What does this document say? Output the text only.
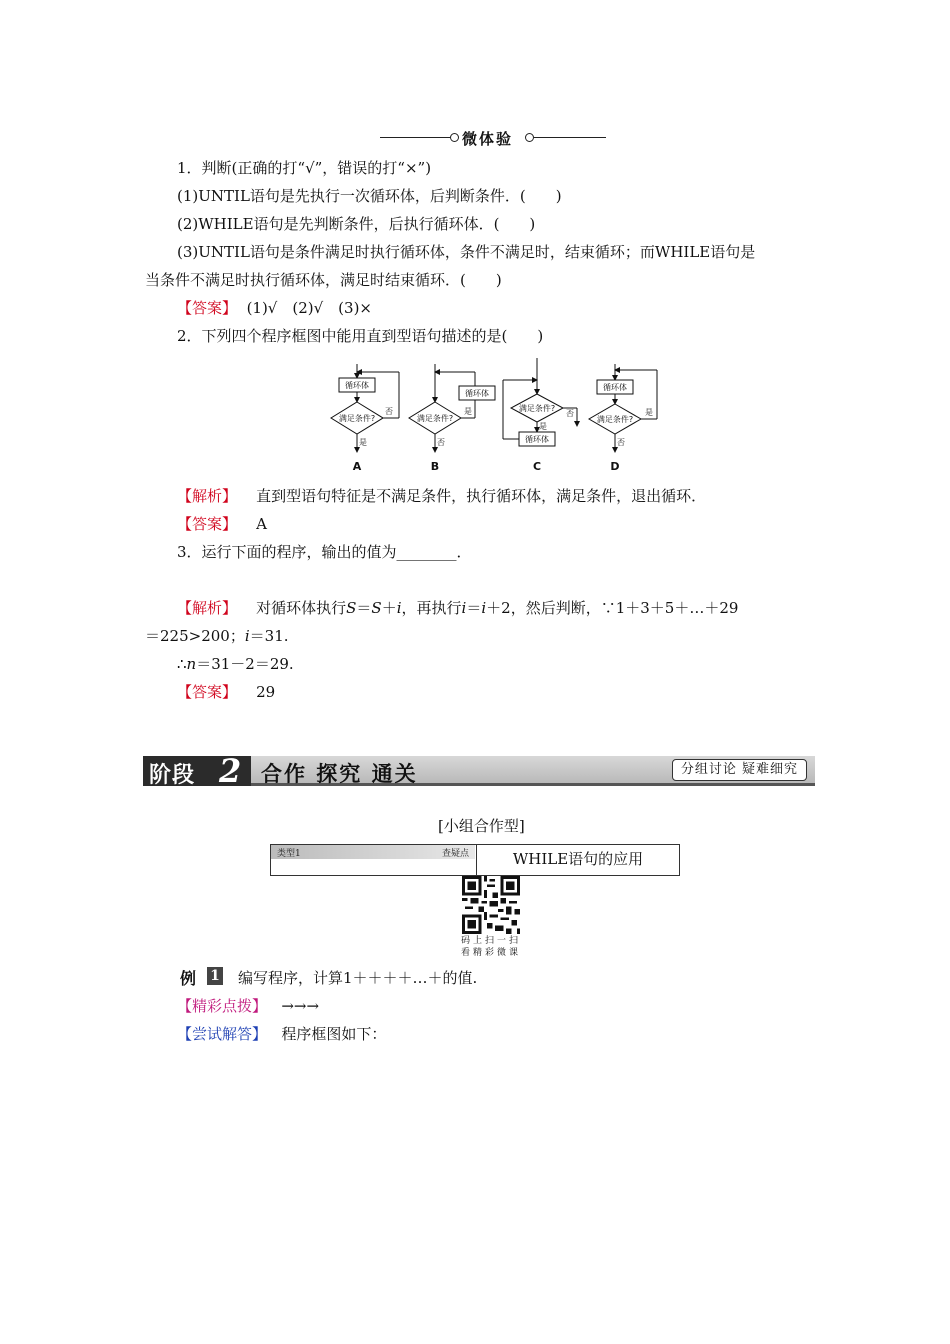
微体验
1．判断(正确的打“√”，错误的打“×”)
(1)UNTIL语句是先执行一次循环体，后判断条件．(　　)
(2)WHILE语句是先判断条件，后执行循环体．(　　)
(3)UNTIL语句是条件满足时执行循环体，条件不满足时，结束循环；而WHILE语句是
当条件不满足时执行循环体，满足时结束循环．(　　)
【答案】 (1)√　(2)√　(3)×
2．下列四个程序框图中能用直到型语句描述的是(　　)
循环体
满足条件?
否
是
满足条件?
循环体
是
否
满足条件?
否
是
循环体
循环体
满足条件?
是
否
A	B	C	D
【解析】 直到型语句特征是不满足条件，执行循环体，满足条件，退出循环．
【答案】 A
3．运行下面的程序，输出的值为________．
【解析】 对循环体执行S＝S＋i，再执行i＝i＋2，然后判断，∵1＋3＋5＋…＋29
＝225>200；i＝31.
∴n＝31－2＝29.
【答案】 29
阶段 2 合作 探究 通关	分组讨论 疑难细究
[小组合作型]
类型1	查疑点	WHILE语句的应用
码上扫一扫
看精彩微课
例 1 编写程序，计算1＋＋＋＋…＋的值.
【精彩点拨】 →→→
【尝试解答】 程序框图如下：
